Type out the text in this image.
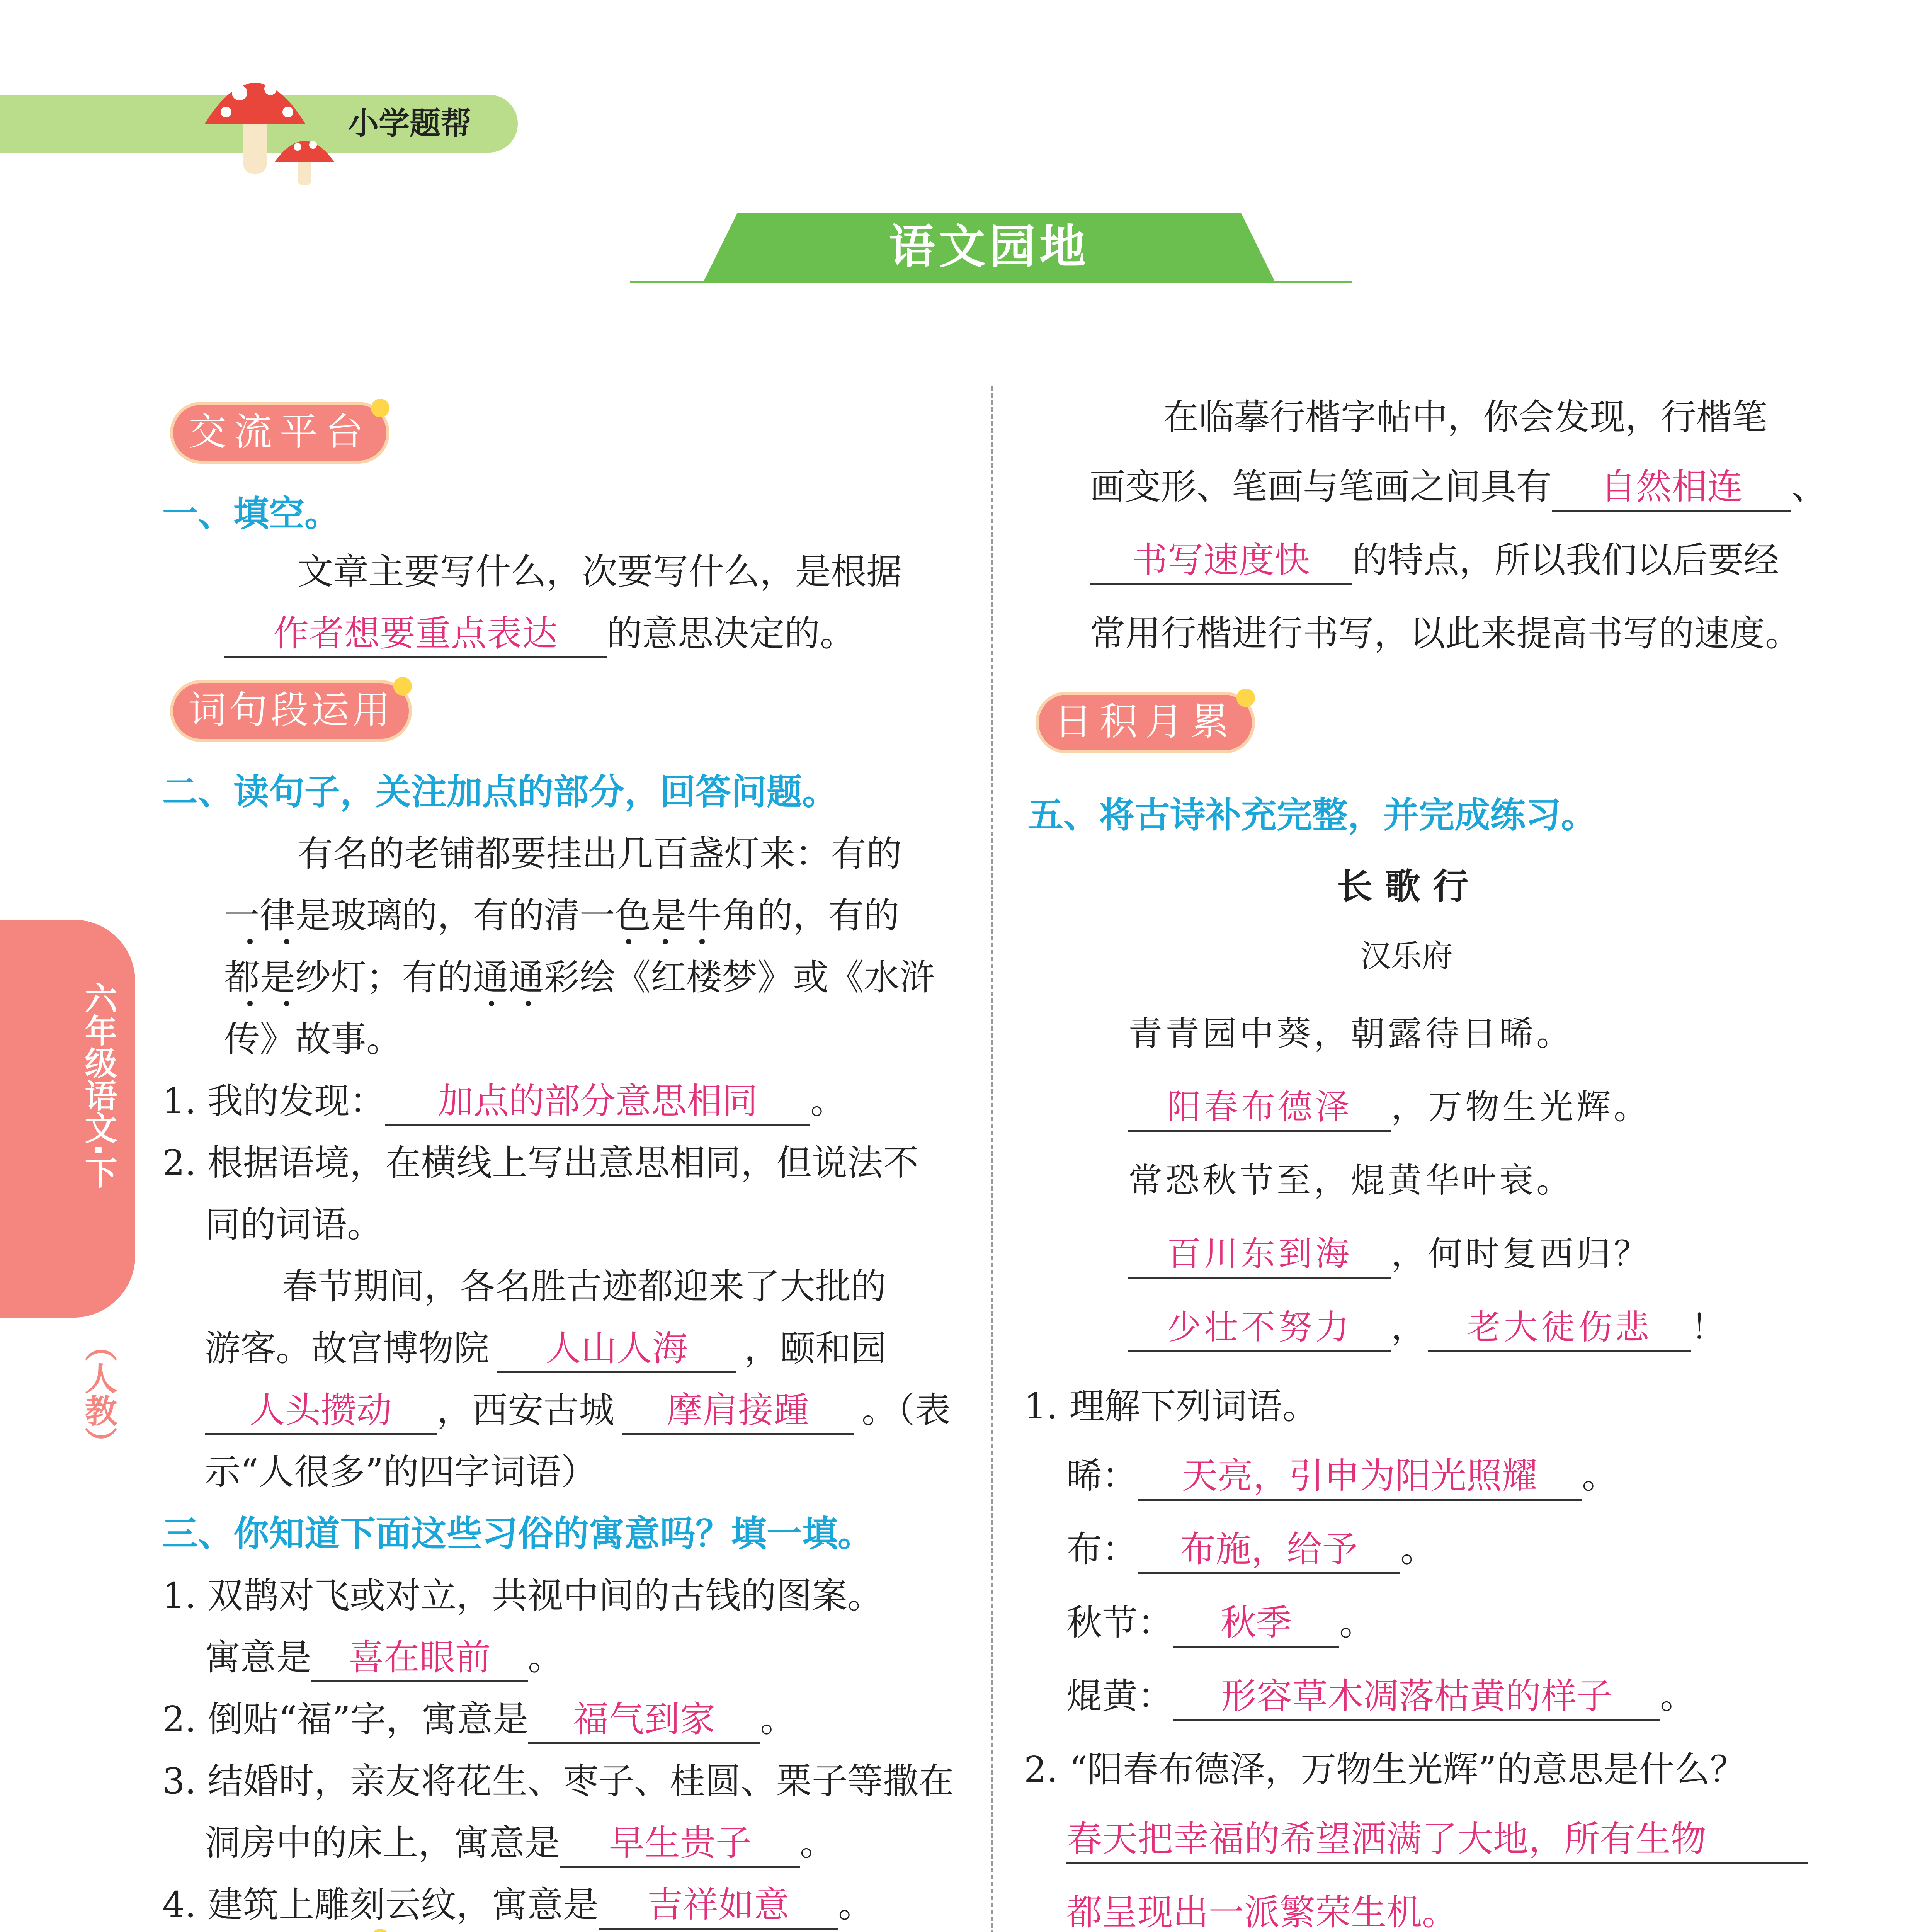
小学题帮
语文园地
六年级语文·下
（人教）
交流平台
一、填空。
文章主要写什么，次要写什么，是根据
作者想要重点表达 的意思决定的。
词句段运用
二、读句子，关注加点的部分，回答问题。
有名的老铺都要挂出几百盏灯来：有的
一律是玻璃的，有的清一色是牛角的，有的
都是纱灯；有的通通彩绘《红楼梦》或《水浒
传》故事。
1. 我的发现： 加点的部分意思相同 。
2. 根据语境，在横线上写出意思相同，但说法不
同的词语。
春节期间，各名胜古迹都迎来了大批的
游客。故宫博物院 人山人海 ，颐和园
人头攒动 ，西安古城 摩肩接踵 。（表
示“人很多”的四字词语）
三、你知道下面这些习俗的寓意吗？填一填。
1. 双鹊对飞或对立，共视中间的古钱的图案。
寓意是 喜在眼前 。
2. 倒贴“福”字，寓意是 福气到家 。
3. 结婚时，亲友将花生、枣子、桂圆、栗子等撒在
洞房中的床上，寓意是 早生贵子 。
4. 建筑上雕刻云纹，寓意是 吉祥如意 。
在临摹行楷字帖中，你会发现，行楷笔
画变形、笔画与笔画之间具有 自然相连 、
书写速度快 的特点，所以我们以后要经
常用行楷进行书写，以此来提高书写的速度。
日积月累
五、将古诗补充完整，并完成练习。
长 歌 行
汉乐府
青青园中葵，朝露待日晞。
阳春布德泽 ，万物生光辉。
常恐秋节至，焜黄华叶衰。
百川东到海 ，何时复西归？
少壮不努力 ， 老大徒伤悲 ！
1. 理解下列词语。
晞： 天亮，引申为阳光照耀 。
布： 布施，给予 。
秋节： 秋季 。
焜黄： 形容草木凋落枯黄的样子 。
2. “阳春布德泽，万物生光辉”的意思是什么？
春天把幸福的希望洒满了大地，所有生物
都呈现出一派繁荣生机。
